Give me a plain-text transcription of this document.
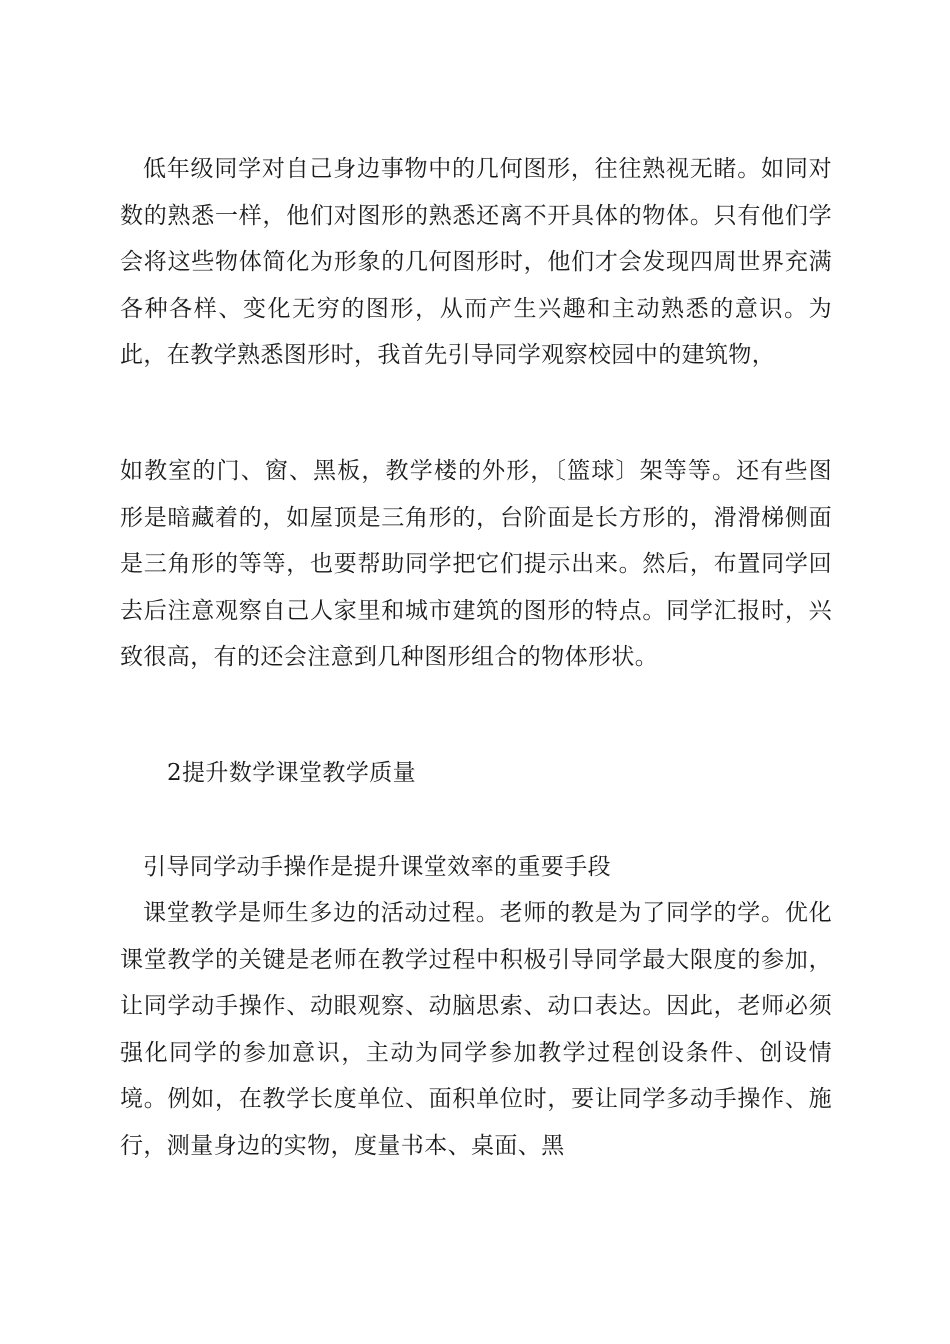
低年级同学对自己身边事物中的几何图形，往往熟视无睹。如同对数的熟悉一样，他们对图形的熟悉还离不开具体的物体。只有他们学会将这些物体简化为形象的几何图形时，他们才会发现四周世界充满各种各样、变化无穷的图形，从而产生兴趣和主动熟悉的意识。为此，在教学熟悉图形时，我首先引导同学观察校园中的建筑物，

如教室的门、窗、黑板，教学楼的外形，〔篮球〕架等等。还有些图形是暗藏着的，如屋顶是三角形的，台阶面是长方形的，滑滑梯侧面是三角形的等等，也要帮助同学把它们提示出来。然后，布置同学回去后注意观察自己人家里和城市建筑的图形的特点。同学汇报时，兴致很高，有的还会注意到几种图形组合的物体形状。

2提升数学课堂教学质量

引导同学动手操作是提升课堂效率的重要手段

课堂教学是师生多边的活动过程。老师的教是为了同学的学。优化课堂教学的关键是老师在教学过程中积极引导同学最大限度的参加，让同学动手操作、动眼观察、动脑思索、动口表达。因此，老师必须强化同学的参加意识，主动为同学参加教学过程创设条件、创设情境。例如，在教学长度单位、面积单位时，要让同学多动手操作、施行，测量身边的实物，度量书本、桌面、黑
